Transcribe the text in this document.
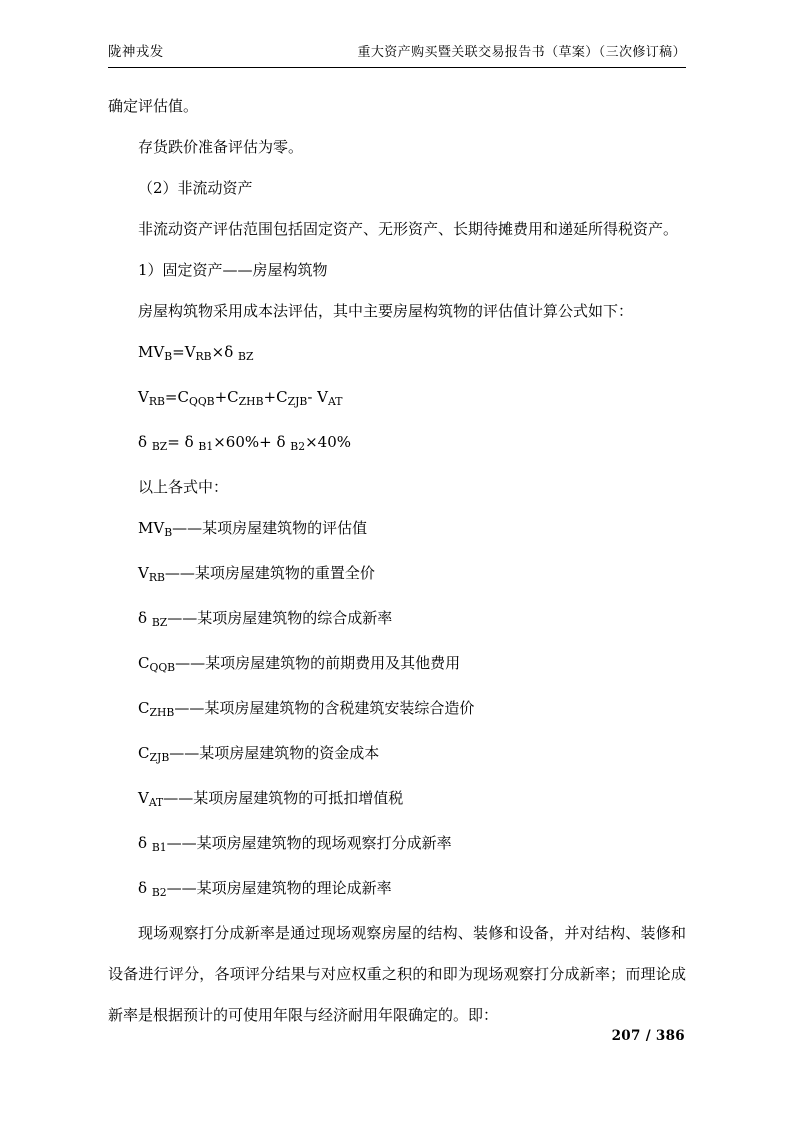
陇神戎发	重大资产购买暨关联交易报告书（草案）（三次修订稿）

确定评估值。

存货跌价准备评估为零。

（2）非流动资产

非流动资产评估范围包括固定资产、无形资产、长期待摊费用和递延所得税资产。

1）固定资产——房屋构筑物

房屋构筑物采用成本法评估，其中主要房屋构筑物的评估值计算公式如下：

$MV_B=V_{RB}\times\delta$ $_{BZ}$

$V_{RB}=C_{QQB}+C_{ZHB}+C_{ZJB}-$ $V_{AT}$

δ $_{BZ}$= δ $_{B1}$×60%+ δ $_{B2}$×40%

以上各式中：

$MV_B——$某项房屋建筑物的评估值

$V_{RB}——$某项房屋建筑物的重置全价

δ $_{BZ}$——某项房屋建筑物的综合成新率

$C_{QQB}——$某项房屋建筑物的前期费用及其他费用

$C_{ZHB}——$某项房屋建筑物的含税建筑安装综合造价

$C_{ZJB}——$某项房屋建筑物的资金成本

$V_{AT}——$某项房屋建筑物的可抵扣增值税

δ $_{B1}$——某项房屋建筑物的现场观察打分成新率

δ $_{B2}$——某项房屋建筑物的理论成新率

现场观察打分成新率是通过现场观察房屋的结构、装修和设备，并对结构、装修和设备进行评分，各项评分结果与对应权重之积的和即为现场观察打分成新率；而理论成新率是根据预计的可使用年限与经济耐用年限确定的。即：

207 / 386
